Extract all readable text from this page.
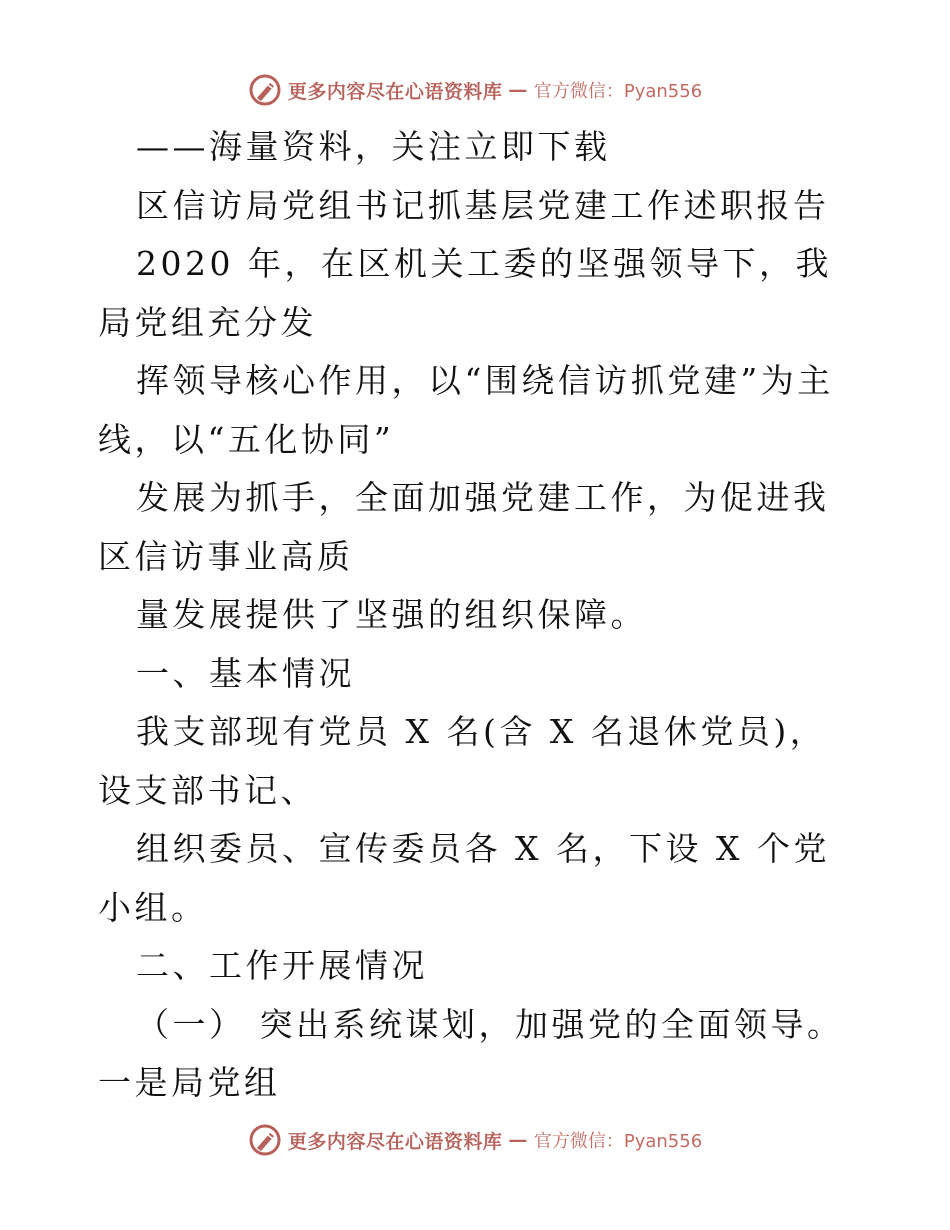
更多内容尽在心语资料库 — 官方微信：Pyan556

——海量资料，关注立即下载

区信访局党组书记抓基层党建工作述职报告

2020 年，在区机关工委的坚强领导下，我局党组充分发

挥领导核心作用，以“围绕信访抓党建”为主线，以“五化协同”

发展为抓手，全面加强党建工作，为促进我区信访事业高质

量发展提供了坚强的组织保障。

一、基本情况

我支部现有党员 X 名(含 X 名退休党员)，设支部书记、

组织委员、宣传委员各 X 名，下设 X 个党小组。

二、工作开展情况

（一） 突出系统谋划，加强党的全面领导。 一是局党组

更多内容尽在心语资料库 — 官方微信：Pyan556
